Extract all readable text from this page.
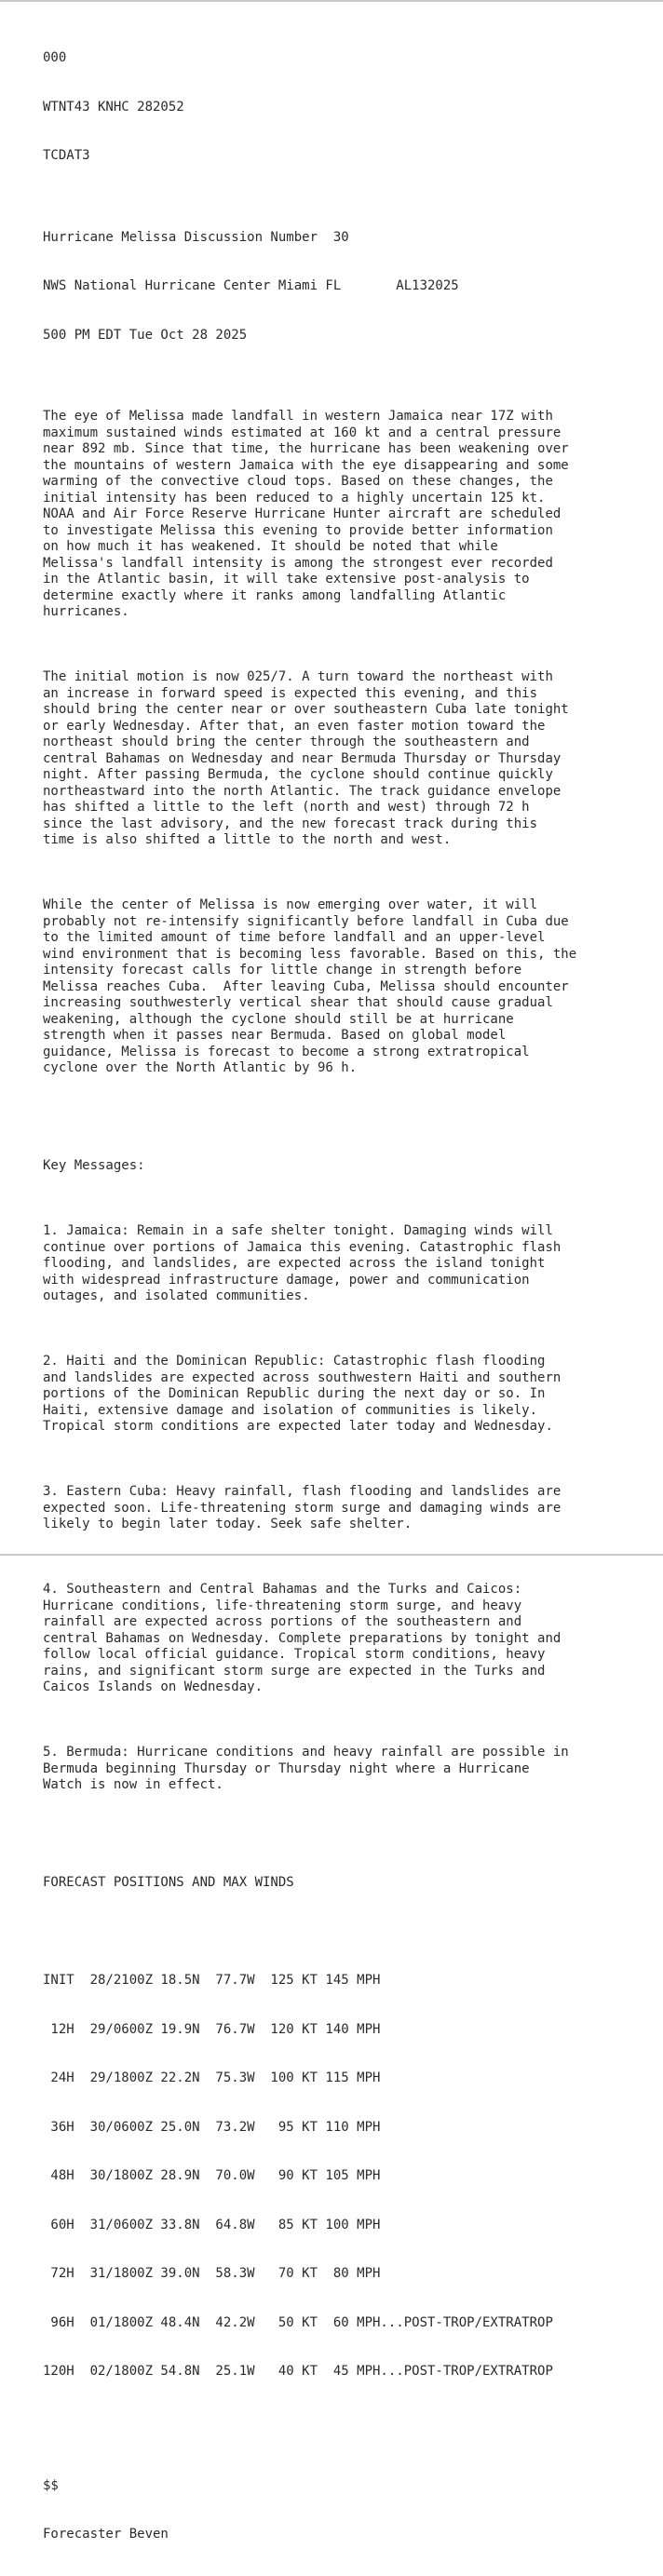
000

WTNT43 KNHC 282052

TCDAT3

Hurricane Melissa Discussion Number  30

NWS National Hurricane Center Miami FL       AL132025

500 PM EDT Tue Oct 28 2025

The eye of Melissa made landfall in western Jamaica near 17Z with
maximum sustained winds estimated at 160 kt and a central pressure
near 892 mb. Since that time, the hurricane has been weakening over
the mountains of western Jamaica with the eye disappearing and some
warming of the convective cloud tops. Based on these changes, the
initial intensity has been reduced to a highly uncertain 125 kt.
NOAA and Air Force Reserve Hurricane Hunter aircraft are scheduled
to investigate Melissa this evening to provide better information
on how much it has weakened. It should be noted that while
Melissa's landfall intensity is among the strongest ever recorded
in the Atlantic basin, it will take extensive post-analysis to
determine exactly where it ranks among landfalling Atlantic
hurricanes.

The initial motion is now 025/7. A turn toward the northeast with
an increase in forward speed is expected this evening, and this
should bring the center near or over southeastern Cuba late tonight
or early Wednesday. After that, an even faster motion toward the
northeast should bring the center through the southeastern and
central Bahamas on Wednesday and near Bermuda Thursday or Thursday
night. After passing Bermuda, the cyclone should continue quickly
northeastward into the north Atlantic. The track guidance envelope
has shifted a little to the left (north and west) through 72 h
since the last advisory, and the new forecast track during this
time is also shifted a little to the north and west.

While the center of Melissa is now emerging over water, it will
probably not re-intensify significantly before landfall in Cuba due
to the limited amount of time before landfall and an upper-level
wind environment that is becoming less favorable. Based on this, the
intensity forecast calls for little change in strength before
Melissa reaches Cuba.  After leaving Cuba, Melissa should encounter
increasing southwesterly vertical shear that should cause gradual
weakening, although the cyclone should still be at hurricane
strength when it passes near Bermuda. Based on global model
guidance, Melissa is forecast to become a strong extratropical
cyclone over the North Atlantic by 96 h.

Key Messages:

1. Jamaica: Remain in a safe shelter tonight. Damaging winds will
continue over portions of Jamaica this evening. Catastrophic flash
flooding, and landslides, are expected across the island tonight
with widespread infrastructure damage, power and communication
outages, and isolated communities.

2. Haiti and the Dominican Republic: Catastrophic flash flooding
and landslides are expected across southwestern Haiti and southern
portions of the Dominican Republic during the next day or so. In
Haiti, extensive damage and isolation of communities is likely.
Tropical storm conditions are expected later today and Wednesday.

3. Eastern Cuba: Heavy rainfall, flash flooding and landslides are
expected soon. Life-threatening storm surge and damaging winds are
likely to begin later today. Seek safe shelter.

4. Southeastern and Central Bahamas and the Turks and Caicos:
Hurricane conditions, life-threatening storm surge, and heavy
rainfall are expected across portions of the southeastern and
central Bahamas on Wednesday. Complete preparations by tonight and
follow local official guidance. Tropical storm conditions, heavy
rains, and significant storm surge are expected in the Turks and
Caicos Islands on Wednesday.

5. Bermuda: Hurricane conditions and heavy rainfall are possible in
Bermuda beginning Thursday or Thursday night where a Hurricane
Watch is now in effect.

FORECAST POSITIONS AND MAX WINDS

INIT  28/2100Z 18.5N  77.7W  125 KT 145 MPH

12H  29/0600Z 19.9N  76.7W  120 KT 140 MPH

24H  29/1800Z 22.2N  75.3W  100 KT 115 MPH

36H  30/0600Z 25.0N  73.2W   95 KT 110 MPH

48H  30/1800Z 28.9N  70.0W   90 KT 105 MPH

60H  31/0600Z 33.8N  64.8W   85 KT 100 MPH

72H  31/1800Z 39.0N  58.3W   70 KT  80 MPH

96H  01/1800Z 48.4N  42.2W   50 KT  60 MPH...POST-TROP/EXTRATROP

120H  02/1800Z 54.8N  25.1W   40 KT  45 MPH...POST-TROP/EXTRATROP

$$

Forecaster Beven
